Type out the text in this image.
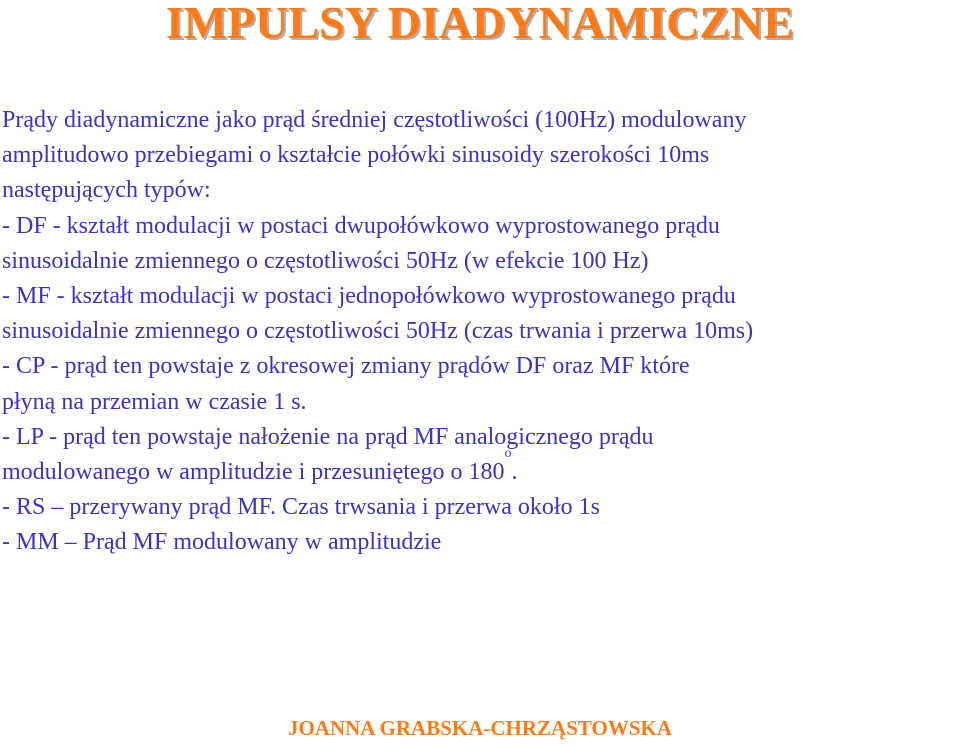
IMPULSY DIADYNAMICZNE
Prądy diadynamiczne jako prąd średniej częstotliwości (100Hz) modulowany
amplitudowo przebiegami o kształcie połówki sinusoidy szerokości 10ms
następujących typów:
- DF - kształt modulacji w postaci dwupołówkowo wyprostowanego prądu
sinusoidalnie zmiennego o częstotliwości 50Hz (w efekcie 100 Hz)
- MF - kształt modulacji w postaci jednopołówkowo wyprostowanego prądu
sinusoidalnie zmiennego o częstotliwości 50Hz (czas trwania i przerwa 10ms)
- CP - prąd ten powstaje z okresowej zmiany prądów DF oraz MF które
płyną na przemian w czasie 1 s.
- LP - prąd ten powstaje nałożenie na prąd MF analogicznego prądu
modulowanego w amplitudzie i przesuniętego o 180$^o$.
- RS – przerywany prąd MF. Czas trwsania i przerwa około 1s
- MM – Prąd MF modulowany w amplitudzie
JOANNA GRABSKA-CHRZĄSTOWSKA
